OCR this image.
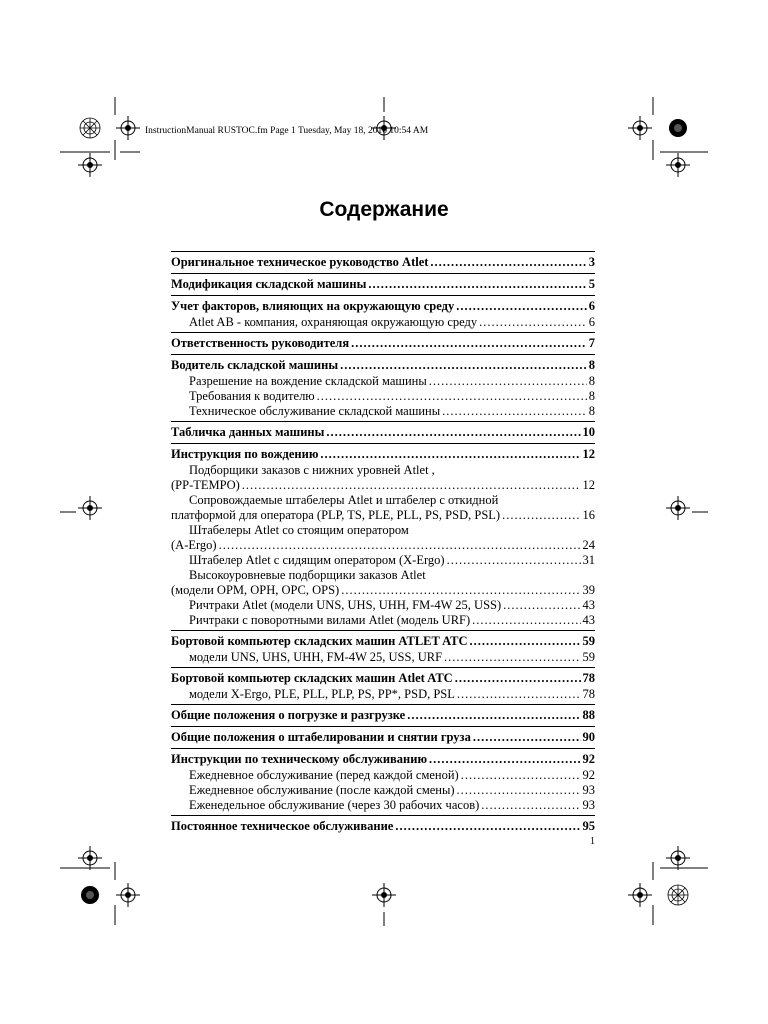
InstructionManual RUSTOC.fm Page 1 Tuesday, May 18, 2010 10:54 AM
Содержание
Оригинальное техническое руководство Atlet .....	3
Модификация складской машины .....	5
Учет факторов, влияющих на окружающую среду .....	6
Atlet AB - компания, охраняющая окружающую среду .....	6
Ответственность руководителя .....	7
Водитель складской машины .....	8
Разрешение на вождение складской машины .....	8
Требования к водителю .....	8
Техническое обслуживание складской машины .....	8
Табличка данных машины .....	10
Инструкция по вождению .....	12
Подборщики заказов с нижних уровней Atlet ,
(PP-TEMPO) .....	12
Сопровождаемые штабелеры Atlet и штабелер с откидной
платформой для оператора (PLP, TS, PLE, PLL, PS, PSD, PSL) .....	16
Штабелеры Atlet со стоящим оператором
(A-Ergo) .....	24
Штабелер Atlet с сидящим оператором (X-Ergo) .....	31
Высокоуровневые подборщики заказов Atlet
(модели OPM, OPH, OPC, OPS) .....	39
Ричтраки Atlet (модели UNS, UHS, UHH, FM-4W 25, USS) .....	43
Ричтраки с поворотными вилами Atlet (модель URF) .....	43
Бортовой компьютер складских машин ATLET ATC .....	59
модели UNS, UHS, UHH, FM-4W 25, USS, URF .....	59
Бортовой компьютер складских машин Atlet ATC .....	78
модели X-Ergo, PLE, PLL, PLP, PS, PP*, PSD, PSL .....	78
Общие положения о погрузке и разгрузке .....	88
Общие положения о штабелировании и снятии груза .....	90
Инструкции по техническому обслуживанию .....	92
Ежедневное обслуживание (перед каждой сменой) .....	92
Ежедневное обслуживание (после каждой смены) .....	93
Еженедельное обслуживание (через 30 рабочих часов) .....	93
Постоянное техническое обслуживание .....	95
1
